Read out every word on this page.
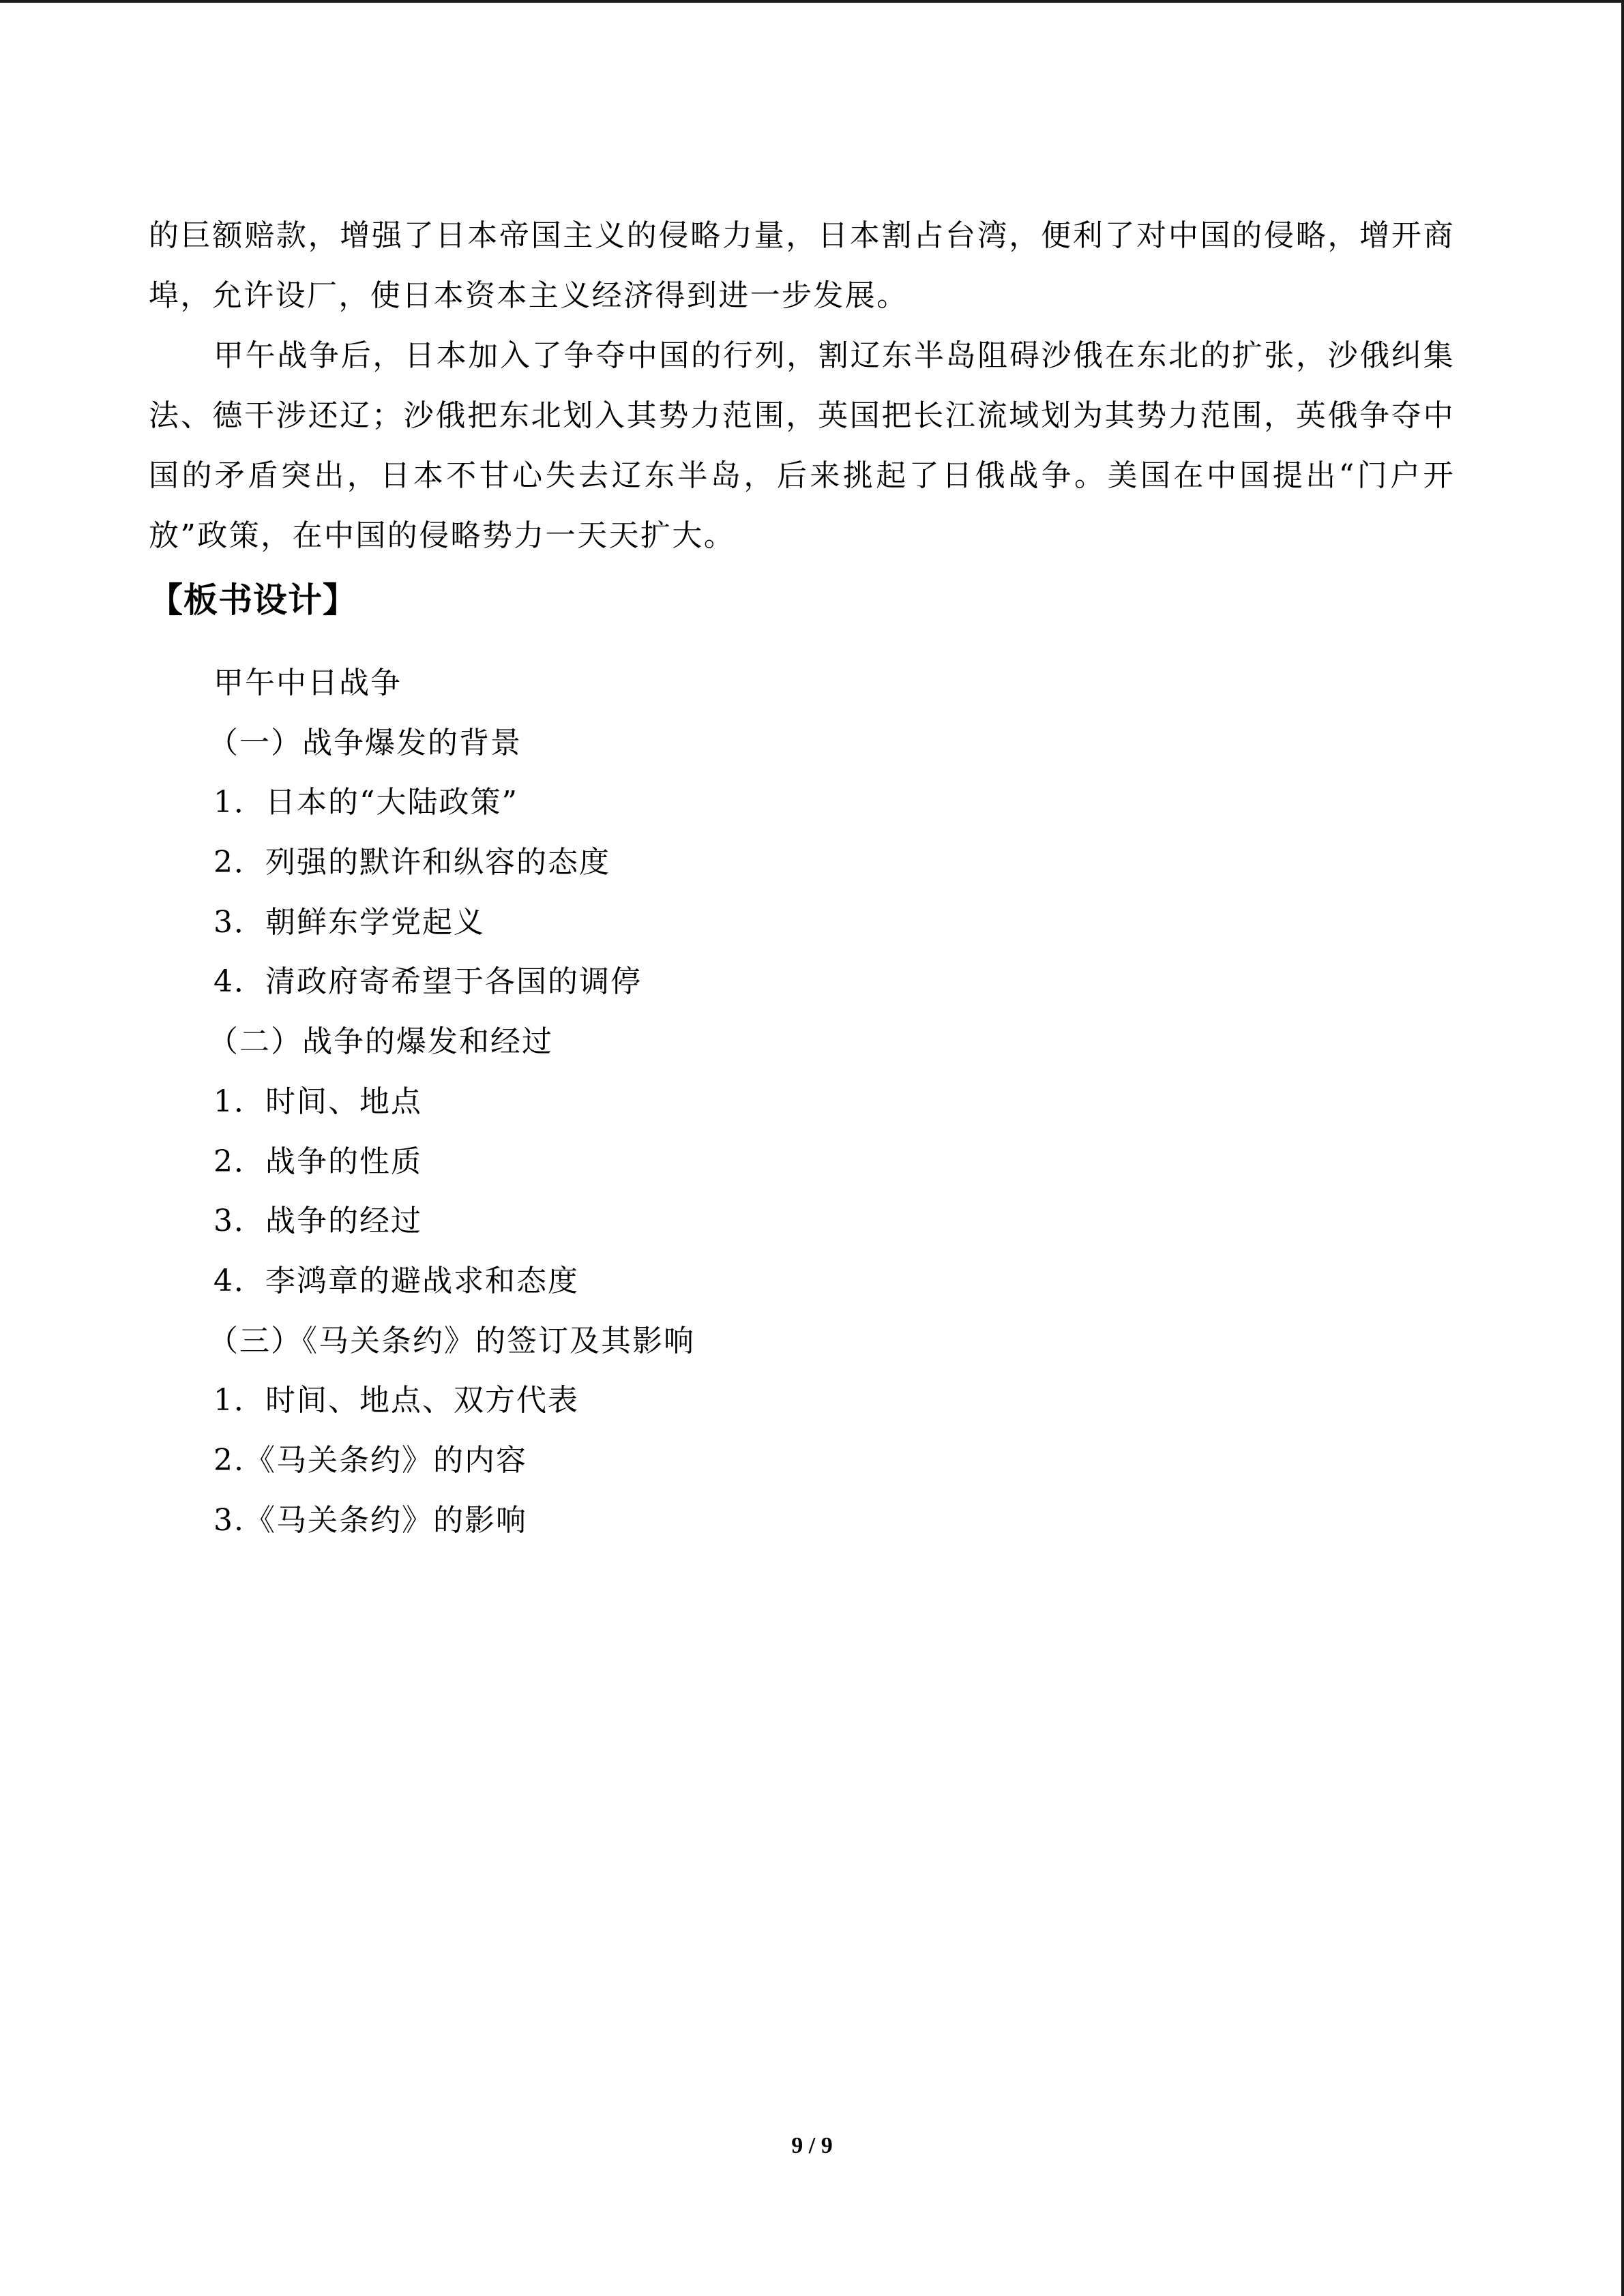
的巨额赔款，增强了日本帝国主义的侵略力量，日本割占台湾，便利了对中国的侵略，增开商埠，允许设厂，使日本资本主义经济得到进一步发展。

甲午战争后，日本加入了争夺中国的行列，割辽东半岛阻碍沙俄在东北的扩张，沙俄纠集法、德干涉还辽；沙俄把东北划入其势力范围，英国把长江流域划为其势力范围，英俄争夺中国的矛盾突出，日本不甘心失去辽东半岛，后来挑起了日俄战争。美国在中国提出“门户开放”政策，在中国的侵略势力一天天扩大。

【板书设计】
甲午中日战争
（一）战争爆发的背景
1．日本的“大陆政策”
2．列强的默许和纵容的态度
3．朝鲜东学党起义
4．清政府寄希望于各国的调停
（二）战争的爆发和经过
1．时间、地点
2．战争的性质
3．战争的经过
4．李鸿章的避战求和态度
（三）《马关条约》的签订及其影响
1．时间、地点、双方代表
2.《马关条约》的内容
3.《马关条约》的影响
9 / 9
